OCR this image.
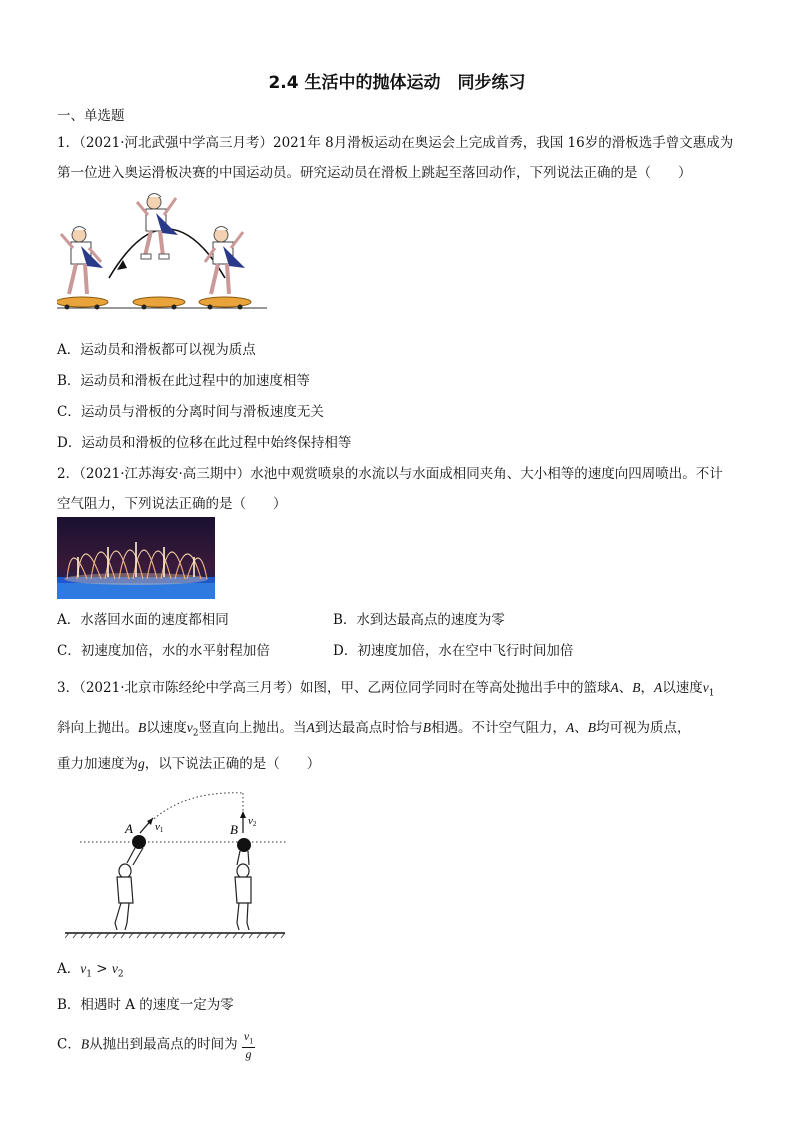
2.4 生活中的抛体运动　同步练习
一、单选题
1．（2021·河北武强中学高三月考）2021年 8月滑板运动在奥运会上完成首秀，我国 16岁的滑板选手曾文惠成为
第一位进入奥运滑板决赛的中国运动员。研究运动员在滑板上跳起至落回动作，下列说法正确的是（　　）
A．运动员和滑板都可以视为质点
B．运动员和滑板在此过程中的加速度相等
C．运动员与滑板的分离时间与滑板速度无关
D．运动员和滑板的位移在此过程中始终保持相等
2．（2021·江苏海安·高三期中）水池中观赏喷泉的水流以与水面成相同夹角、大小相等的速度向四周喷出。不计
空气阻力，下列说法正确的是（　　）
A．水落回水面的速度都相同	B．水到达最高点的速度为零
C．初速度加倍，水的水平射程加倍	D．初速度加倍，水在空中飞行时间加倍
3．（2021·北京市陈经纶中学高三月考）如图，甲、乙两位同学同时在等高处抛出手中的篮球A、B，A以速度$v_1$
斜向上抛出。B以速度$v_2$竖直向上抛出。当A到达最高点时恰与B相遇。不计空气阻力，A、B均可视为质点，
重力加速度为g，以下说法正确的是（　　）
A	B
v1
v2
A．$v_1 > v_2$
B．相遇时 A 的速度一定为零
C．B从抛出到最高点的时间为 $\frac{v_1}{g}$
